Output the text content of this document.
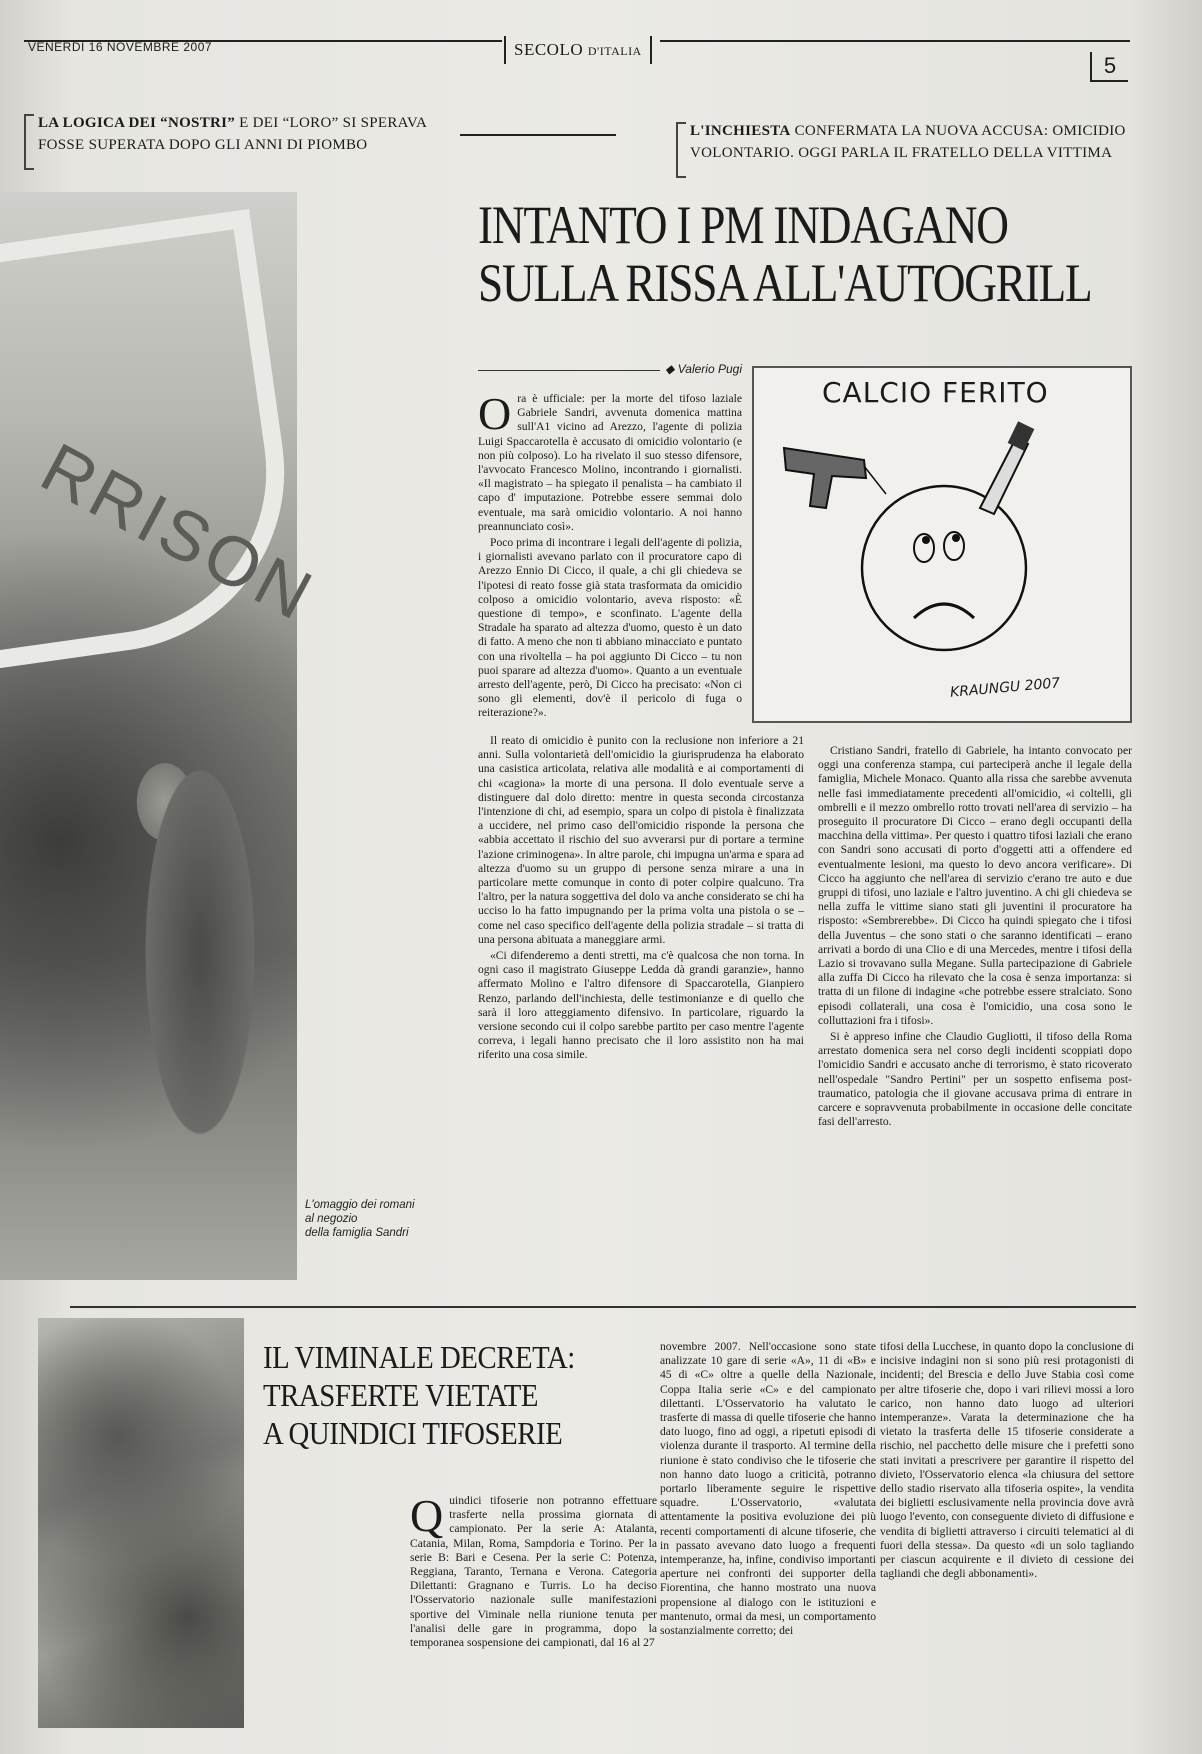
VENERDÌ 16 NOVEMBRE 2007	SECOLO D'ITALIA
5
LA LOGICA DEI “NOSTRI” E DEI “LORO” SI SPERAVA FOSSE SUPERATA DOPO GLI ANNI DI PIOMBO
L'INCHIESTA CONFERMATA LA NUOVA ACCUSA: OMICIDIO VOLONTARIO. OGGI PARLA IL FRATELLO DELLA VITTIMA
RRISON
L'omaggio dei romani
al negozio
della famiglia Sandri
INTANTO I PM INDAGANO
SULLA RISSA ALL'AUTOGRILL
◆ Valerio Pugi
CALCIO FERITO
KRAUNGU 2007

Ora è ufficiale: per la morte del tifoso laziale Gabriele Sandri, avvenuta domenica mattina sull'A1 vicino ad Arezzo, l'agente di polizia Luigi Spaccarotella è accusato di omicidio volontario (e non più colposo). Lo ha rivelato il suo stesso difensore, l'avvocato Francesco Molino, incontrando i giornalisti. «Il magistrato – ha spiegato il penalista – ha cambiato il capo d' imputazione. Potrebbe essere semmai dolo eventuale, ma sarà omicidio volontario. A noi hanno preannunciato così».

Poco prima di incontrare i legali dell'agente di polizia, i giornalisti avevano parlato con il procuratore capo di Arezzo Ennio Di Cicco, il quale, a chi gli chiedeva se l'ipotesi di reato fosse già stata trasformata da omicidio colposo a omicidio volontario, aveva risposto: «È questione di tempo», e sconfinato. L'agente della Stradale ha sparato ad altezza d'uomo, questo è un dato di fatto. A meno che non ti abbiano minacciato e puntato con una rivoltella – ha poi aggiunto Di Cicco – tu non puoi sparare ad altezza d'uomo». Quanto a un eventuale arresto dell'agente, però, Di Cicco ha precisato: «Non ci sono gli elementi, dov'è il pericolo di fuga o reiterazione?».

Il reato di omicidio è punito con la reclusione non inferiore a 21 anni. Sulla volontarietà dell'omicidio la giurisprudenza ha elaborato una casistica articolata, relativa alle modalità e ai comportamenti di chi «cagiona» la morte di una persona. Il dolo eventuale serve a distinguere dal dolo diretto: mentre in questa seconda circostanza l'intenzione di chi, ad esempio, spara un colpo di pistola è finalizzata a uccidere, nel primo caso dell'omicidio risponde la persona che «abbia accettato il rischio del suo avverarsi pur di portare a termine l'azione criminogena». In altre parole, chi impugna un'arma e spara ad altezza d'uomo su un gruppo di persone senza mirare a una in particolare mette comunque in conto di poter colpire qualcuno. Tra l'altro, per la natura soggettiva del dolo va anche considerato se chi ha ucciso lo ha fatto impugnando per la prima volta una pistola o se – come nel caso specifico dell'agente della polizia stradale – si tratta di una persona abituata a maneggiare armi.

«Ci difenderemo a denti stretti, ma c'è qualcosa che non torna. In ogni caso il magistrato Giuseppe Ledda dà grandi garanzie», hanno affermato Molino e l'altro difensore di Spaccarotella, Gianpiero Renzo, parlando dell'inchiesta, delle testimonianze e di quello che sarà il loro atteggiamento difensivo. In particolare, riguardo la versione secondo cui il colpo sarebbe partito per caso mentre l'agente correva, i legali hanno precisato che il loro assistito non ha mai riferito una cosa simile.

Cristiano Sandri, fratello di Gabriele, ha intanto convocato per oggi una conferenza stampa, cui parteciperà anche il legale della famiglia, Michele Monaco. Quanto alla rissa che sarebbe avvenuta nelle fasi immediatamente precedenti all'omicidio, «i coltelli, gli ombrelli e il mezzo ombrello rotto trovati nell'area di servizio – ha proseguito il procuratore Di Cicco – erano degli occupanti della macchina della vittima». Per questo i quattro tifosi laziali che erano con Sandri sono accusati di porto d'oggetti atti a offendere ed eventualmente lesioni, ma questo lo devo ancora verificare». Di Cicco ha aggiunto che nell'area di servizio c'erano tre auto e due gruppi di tifosi, uno laziale e l'altro juventino. A chi gli chiedeva se nella zuffa le vittime siano stati gli juventini il procuratore ha risposto: «Sembrerebbe». Di Cicco ha quindi spiegato che i tifosi della Juventus – che sono stati o che saranno identificati – erano arrivati a bordo di una Clio e di una Mercedes, mentre i tifosi della Lazio si trovavano sulla Megane. Sulla partecipazione di Gabriele alla zuffa Di Cicco ha rilevato che la cosa è senza importanza: si tratta di un filone di indagine «che potrebbe essere stralciato. Sono episodi collaterali, una cosa è l'omicidio, una cosa sono le colluttazioni fra i tifosi».

Si è appreso infine che Claudio Gugliotti, il tifoso della Roma arrestato domenica sera nel corso degli incidenti scoppiati dopo l'omicidio Sandri e accusato anche di terrorismo, è stato ricoverato nell'ospedale "Sandro Pertini" per un sospetto enfisema post-traumatico, patologia che il giovane accusava prima di entrare in carcere e sopravvenuta probabilmente in occasione delle concitate fasi dell'arresto.

IL VIMINALE DECRETA:
TRASFERTE VIETATE
A QUINDICI TIFOSERIE

Quindici tifoserie non potranno effettuare trasferte nella prossima giornata di campionato. Per la serie A: Atalanta, Catania, Milan, Roma, Sampdoria e Torino. Per la serie B: Bari e Cesena. Per la serie C: Potenza, Reggiana, Taranto, Ternana e Verona. Categoria Dilettanti: Gragnano e Turris. Lo ha deciso l'Osservatorio nazionale sulle manifestazioni sportive del Viminale nella riunione tenuta per l'analisi delle gare in programma, dopo la temporanea sospensione dei campionati, dal 16 al 27

novembre 2007. Nell'occasione sono state analizzate 10 gare di serie «A», 11 di «B» e 45 di «C» oltre a quelle della Nazionale, Coppa Italia serie «C» e del campionato dilettanti. L'Osservatorio ha valutato le trasferte di massa di quelle tifoserie che hanno dato luogo, fino ad oggi, a ripetuti episodi di violenza durante il trasporto. Al termine della riunione è stato condiviso che le tifoserie che non hanno dato luogo a criticità, potranno portarlo liberamente seguire le rispettive squadre. L'Osservatorio, «valutata attentamente la positiva evoluzione dei più recenti comportamenti di alcune tifoserie, che in passato avevano dato luogo a frequenti intemperanze, ha, infine, condiviso importanti aperture nei confronti dei supporter della Fiorentina, che hanno mostrato una nuova propensione al dialogo con le istituzioni e mantenuto, ormai da mesi, un comportamento sostanzialmente corretto; dei

tifosi della Lucchese, in quanto dopo la conclusione di incisive indagini non si sono più resi protagonisti di incidenti; del Brescia e dello Juve Stabia così come per altre tifoserie che, dopo i vari rilievi mossi a loro carico, non hanno dato luogo ad ulteriori intemperanze». Varata la determinazione che ha vietato la trasferta delle 15 tifoserie considerate a rischio, nel pacchetto delle misure che i prefetti sono stati invitati a prescrivere per garantire il rispetto del divieto, l'Osservatorio elenca «la chiusura del settore dello stadio riservato alla tifoseria ospite», la vendita dei biglietti esclusivamente nella provincia dove avrà luogo l'evento, con conseguente divieto di diffusione e vendita di biglietti attraverso i circuiti telematici al di fuori della stessa». Da questo «di un solo tagliando per ciascun acquirente e il divieto di cessione dei tagliandi che degli abbonamenti».
